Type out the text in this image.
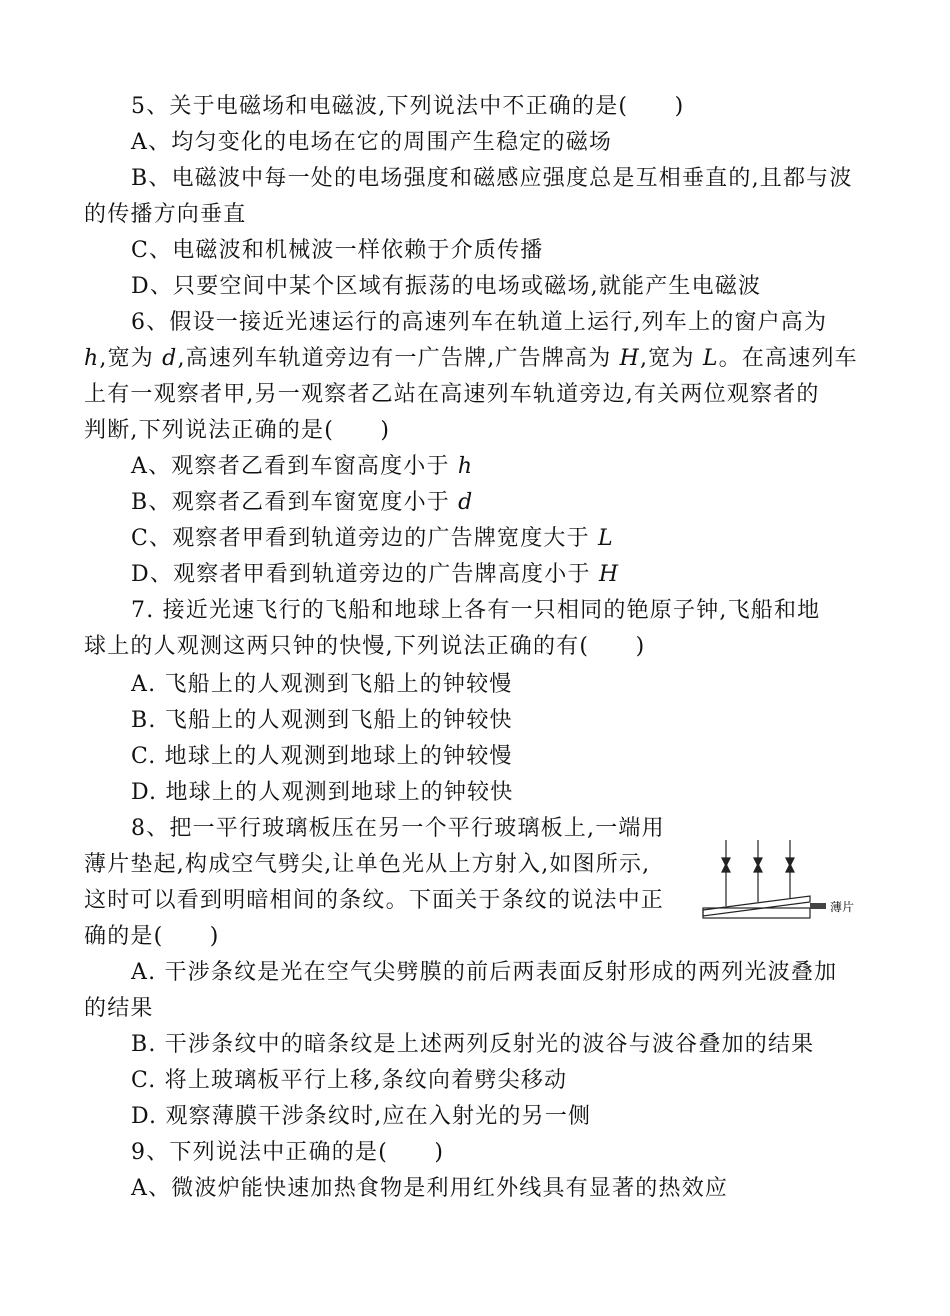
5、关于电磁场和电磁波,下列说法中不正确的是(　　)
A、均匀变化的电场在它的周围产生稳定的磁场
B、电磁波中每一处的电场强度和磁感应强度总是互相垂直的,且都与波
的传播方向垂直
C、电磁波和机械波一样依赖于介质传播
D、只要空间中某个区域有振荡的电场或磁场,就能产生电磁波
6、假设一接近光速运行的高速列车在轨道上运行,列车上的窗户高为
h,宽为 d,高速列车轨道旁边有一广告牌,广告牌高为 H,宽为 L。在高速列车
上有一观察者甲,另一观察者乙站在高速列车轨道旁边,有关两位观察者的
判断,下列说法正确的是(　　)
A、观察者乙看到车窗高度小于 h
B、观察者乙看到车窗宽度小于 d
C、观察者甲看到轨道旁边的广告牌宽度大于 L
D、观察者甲看到轨道旁边的广告牌高度小于 H
7. 接近光速飞行的飞船和地球上各有一只相同的铯原子钟,飞船和地
球上的人观测这两只钟的快慢,下列说法正确的有(　　)
A. 飞船上的人观测到飞船上的钟较慢
B. 飞船上的人观测到飞船上的钟较快
C. 地球上的人观测到地球上的钟较慢
D. 地球上的人观测到地球上的钟较快
8、把一平行玻璃板压在另一个平行玻璃板上,一端用
薄片垫起,构成空气劈尖,让单色光从上方射入,如图所示,
这时可以看到明暗相间的条纹。下面关于条纹的说法中正
确的是(　　)
薄片
A. 干涉条纹是光在空气尖劈膜的前后两表面反射形成的两列光波叠加
的结果
B. 干涉条纹中的暗条纹是上述两列反射光的波谷与波谷叠加的结果
C. 将上玻璃板平行上移,条纹向着劈尖移动
D. 观察薄膜干涉条纹时,应在入射光的另一侧
9、下列说法中正确的是(　　)
A、微波炉能快速加热食物是利用红外线具有显著的热效应
